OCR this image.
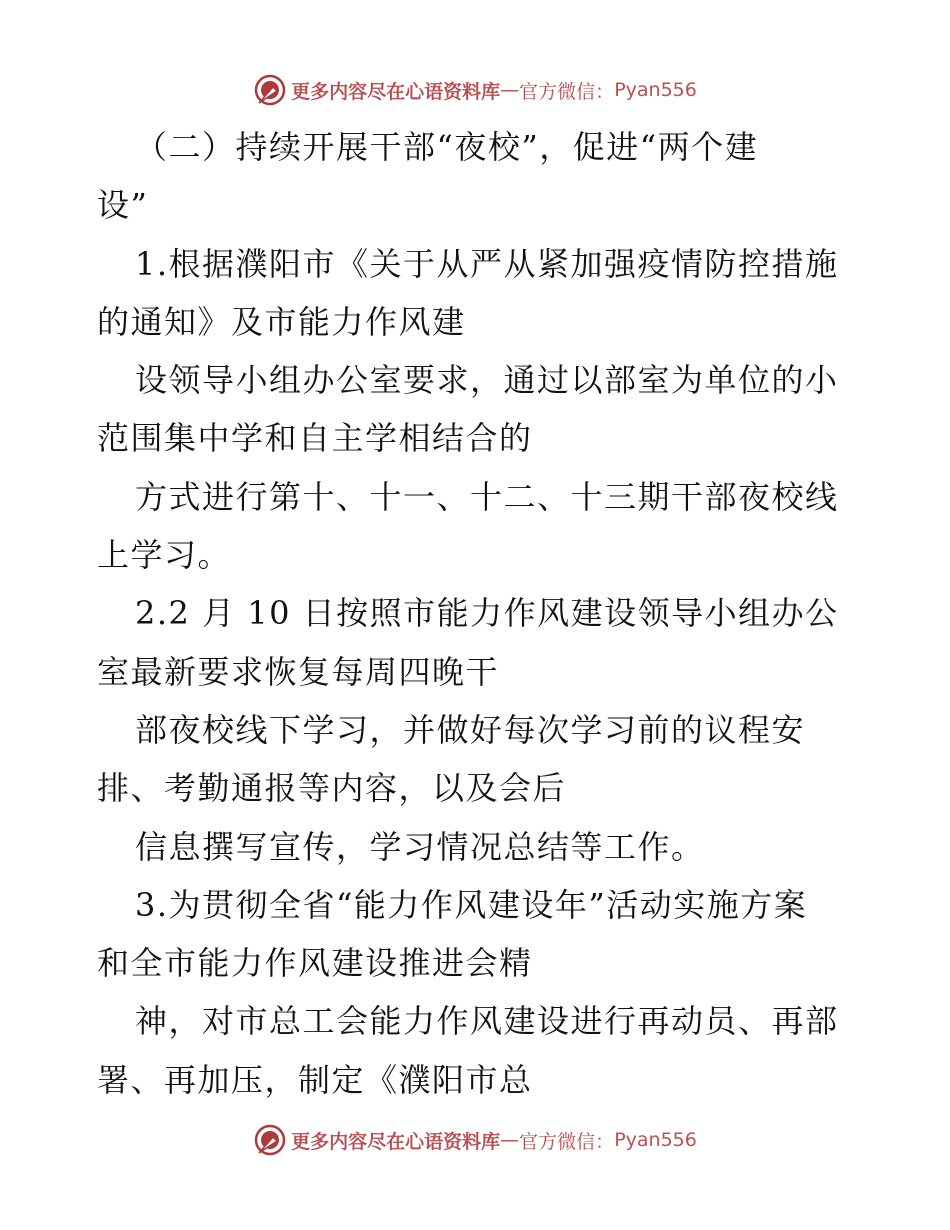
更多内容尽在心语资料库 — 官方微信： Pyan556
（二）持续开展干部“夜校”，促进“两个建
设”
1.根据濮阳市《关于从严从紧加强疫情防控措施
的通知》及市能力作风建
设领导小组办公室要求，通过以部室为单位的小
范围集中学和自主学相结合的
方式进行第十、十一、十二、十三期干部夜校线
上学习。
2.2 月 10 日按照市能力作风建设领导小组办公
室最新要求恢复每周四晚干
部夜校线下学习，并做好每次学习前的议程安
排、考勤通报等内容，以及会后
信息撰写宣传，学习情况总结等工作。
3.为贯彻全省“能力作风建设年”活动实施方案
和全市能力作风建设推进会精
神，对市总工会能力作风建设进行再动员、再部
署、再加压，制定《濮阳市总
更多内容尽在心语资料库 — 官方微信： Pyan556
